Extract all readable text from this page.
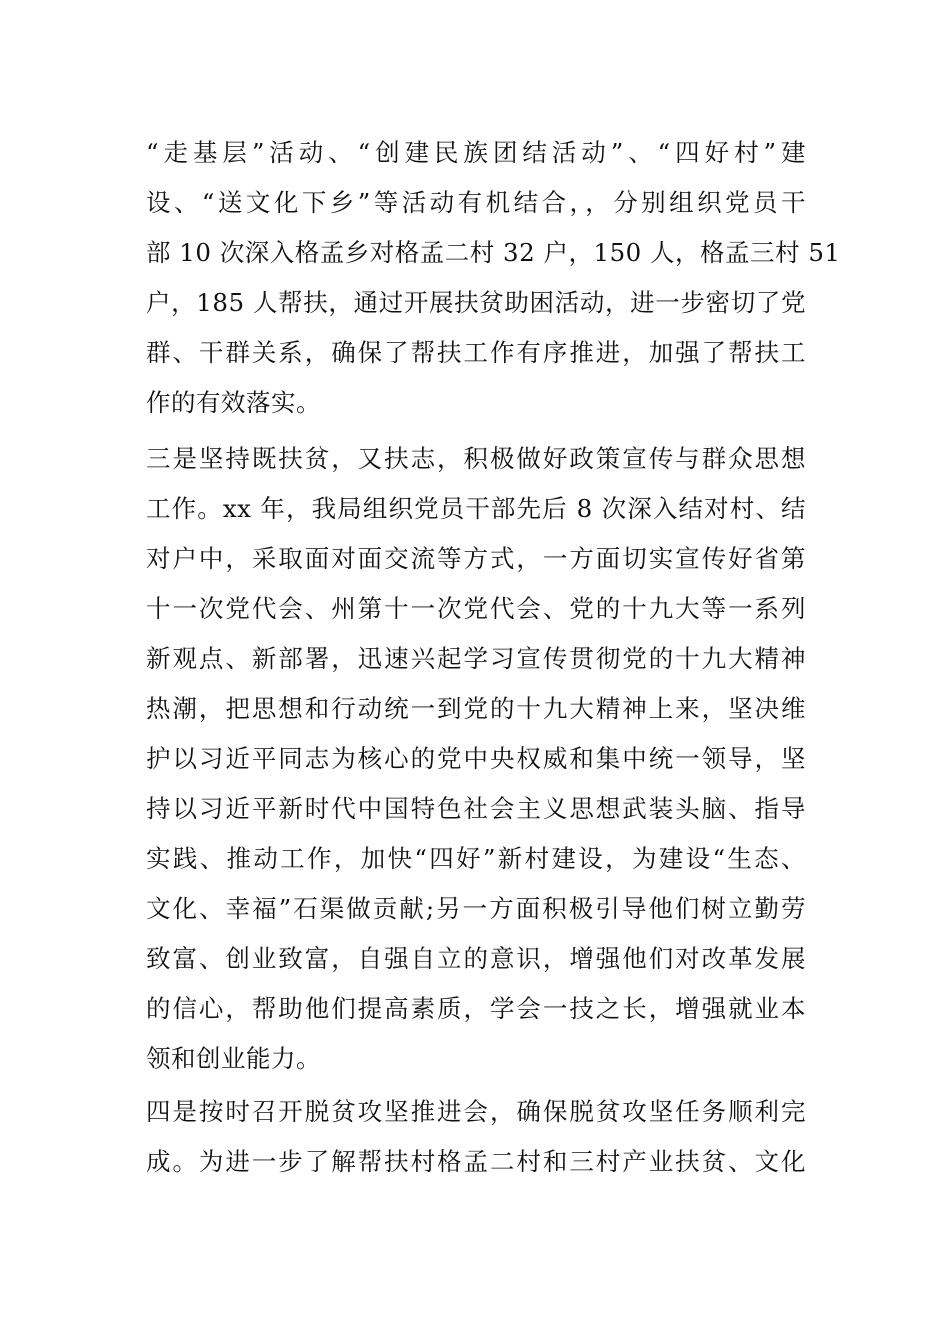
“走基层”活动、“创建民族团结活动”、“四好村”建
设、“送文化下乡”等活动有机结合，，分别组织党员干
部 10 次深入格孟乡对格孟二村 32 户，150 人，格孟三村 51
户，185 人帮扶，通过开展扶贫助困活动，进一步密切了党
群、干群关系，确保了帮扶工作有序推进，加强了帮扶工
作的有效落实。
三是坚持既扶贫，又扶志，积极做好政策宣传与群众思想
工作。xx 年，我局组织党员干部先后 8 次深入结对村、结
对户中，采取面对面交流等方式，一方面切实宣传好省第
十一次党代会、州第十一次党代会、党的十九大等一系列
新观点、新部署，迅速兴起学习宣传贯彻党的十九大精神
热潮，把思想和行动统一到党的十九大精神上来，坚决维
护以习近平同志为核心的党中央权威和集中统一领导，坚
持以习近平新时代中国特色社会主义思想武装头脑、指导
实践、推动工作，加快“四好”新村建设，为建设“生态、
文化、幸福”石渠做贡献;另一方面积极引导他们树立勤劳
致富、创业致富，自强自立的意识，增强他们对改革发展
的信心，帮助他们提高素质，学会一技之长，增强就业本
领和创业能力。
四是按时召开脱贫攻坚推进会，确保脱贫攻坚任务顺利完
成。为进一步了解帮扶村格孟二村和三村产业扶贫、文化
